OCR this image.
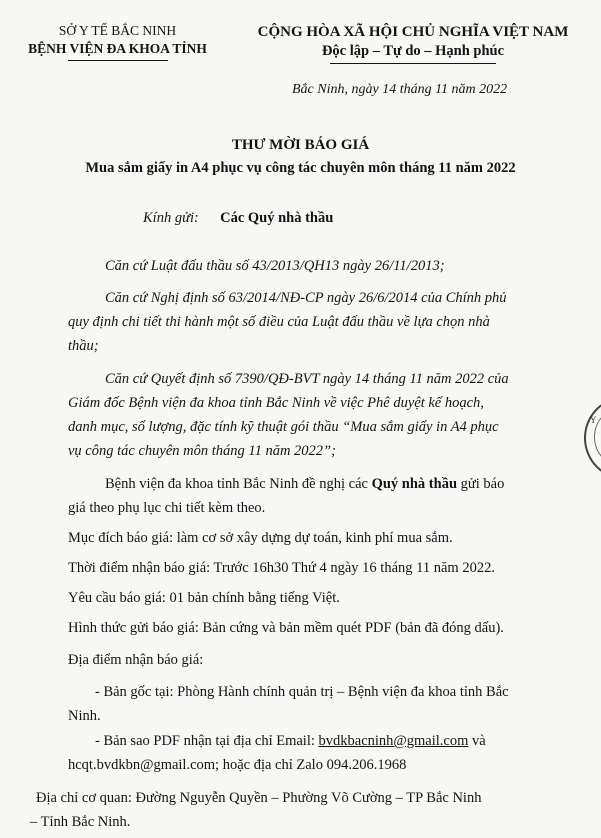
SỞ Y TẾ BẮC NINH
BỆNH VIỆN ĐA KHOA TỈNH
CỘNG HÒA XÃ HỘI CHỦ NGHĨA VIỆT NAM
Độc lập – Tự do – Hạnh phúc
Bắc Ninh, ngày 14 tháng 11 năm 2022
THƯ MỜI BÁO GIÁ
Mua sắm giấy in A4 phục vụ công tác chuyên môn tháng 11 năm 2022
Kính gửi: Các Quý nhà thầu
Căn cứ Luật đấu thầu số 43/2013/QH13 ngày 26/11/2013;
Căn cứ Nghị định số 63/2014/NĐ-CP ngày 26/6/2014 của Chính phủ
quy định chi tiết thi hành một số điều của Luật đấu thầu về lựa chọn nhà
thầu;
Căn cứ Quyết định số 7390/QĐ-BVT ngày 14 tháng 11 năm 2022 của
Giám đốc Bệnh viện đa khoa tỉnh Bắc Ninh về việc Phê duyệt kế hoạch,
danh mục, số lượng, đặc tính kỹ thuật gói thầu “Mua sắm giấy in A4 phục
vụ công tác chuyên môn tháng 11 năm 2022”;
Bệnh viện đa khoa tỉnh Bắc Ninh đề nghị các Quý nhà thầu gửi báo
giá theo phụ lục chi tiết kèm theo.
Mục đích báo giá: làm cơ sở xây dựng dự toán, kinh phí mua sắm.
Thời điểm nhận báo giá: Trước 16h30 Thứ 4 ngày 16 tháng 11 năm 2022.
Yêu cầu báo giá: 01 bản chính bằng tiếng Việt.
Hình thức gửi báo giá: Bản cứng và bản mềm quét PDF (bản đã đóng dấu).
Địa điểm nhận báo giá:
- Bản gốc tại: Phòng Hành chính quản trị – Bệnh viện đa khoa tỉnh Bắc
Ninh.
- Bản sao PDF nhận tại địa chỉ Email: bvdkbacninh@gmail.com và
hcqt.bvdkbn@gmail.com; hoặc địa chỉ Zalo 094.206.1968
Địa chỉ cơ quan: Đường Nguyễn Quyền – Phường Võ Cường – TP Bắc Ninh
– Tỉnh Bắc Ninh.
Y
